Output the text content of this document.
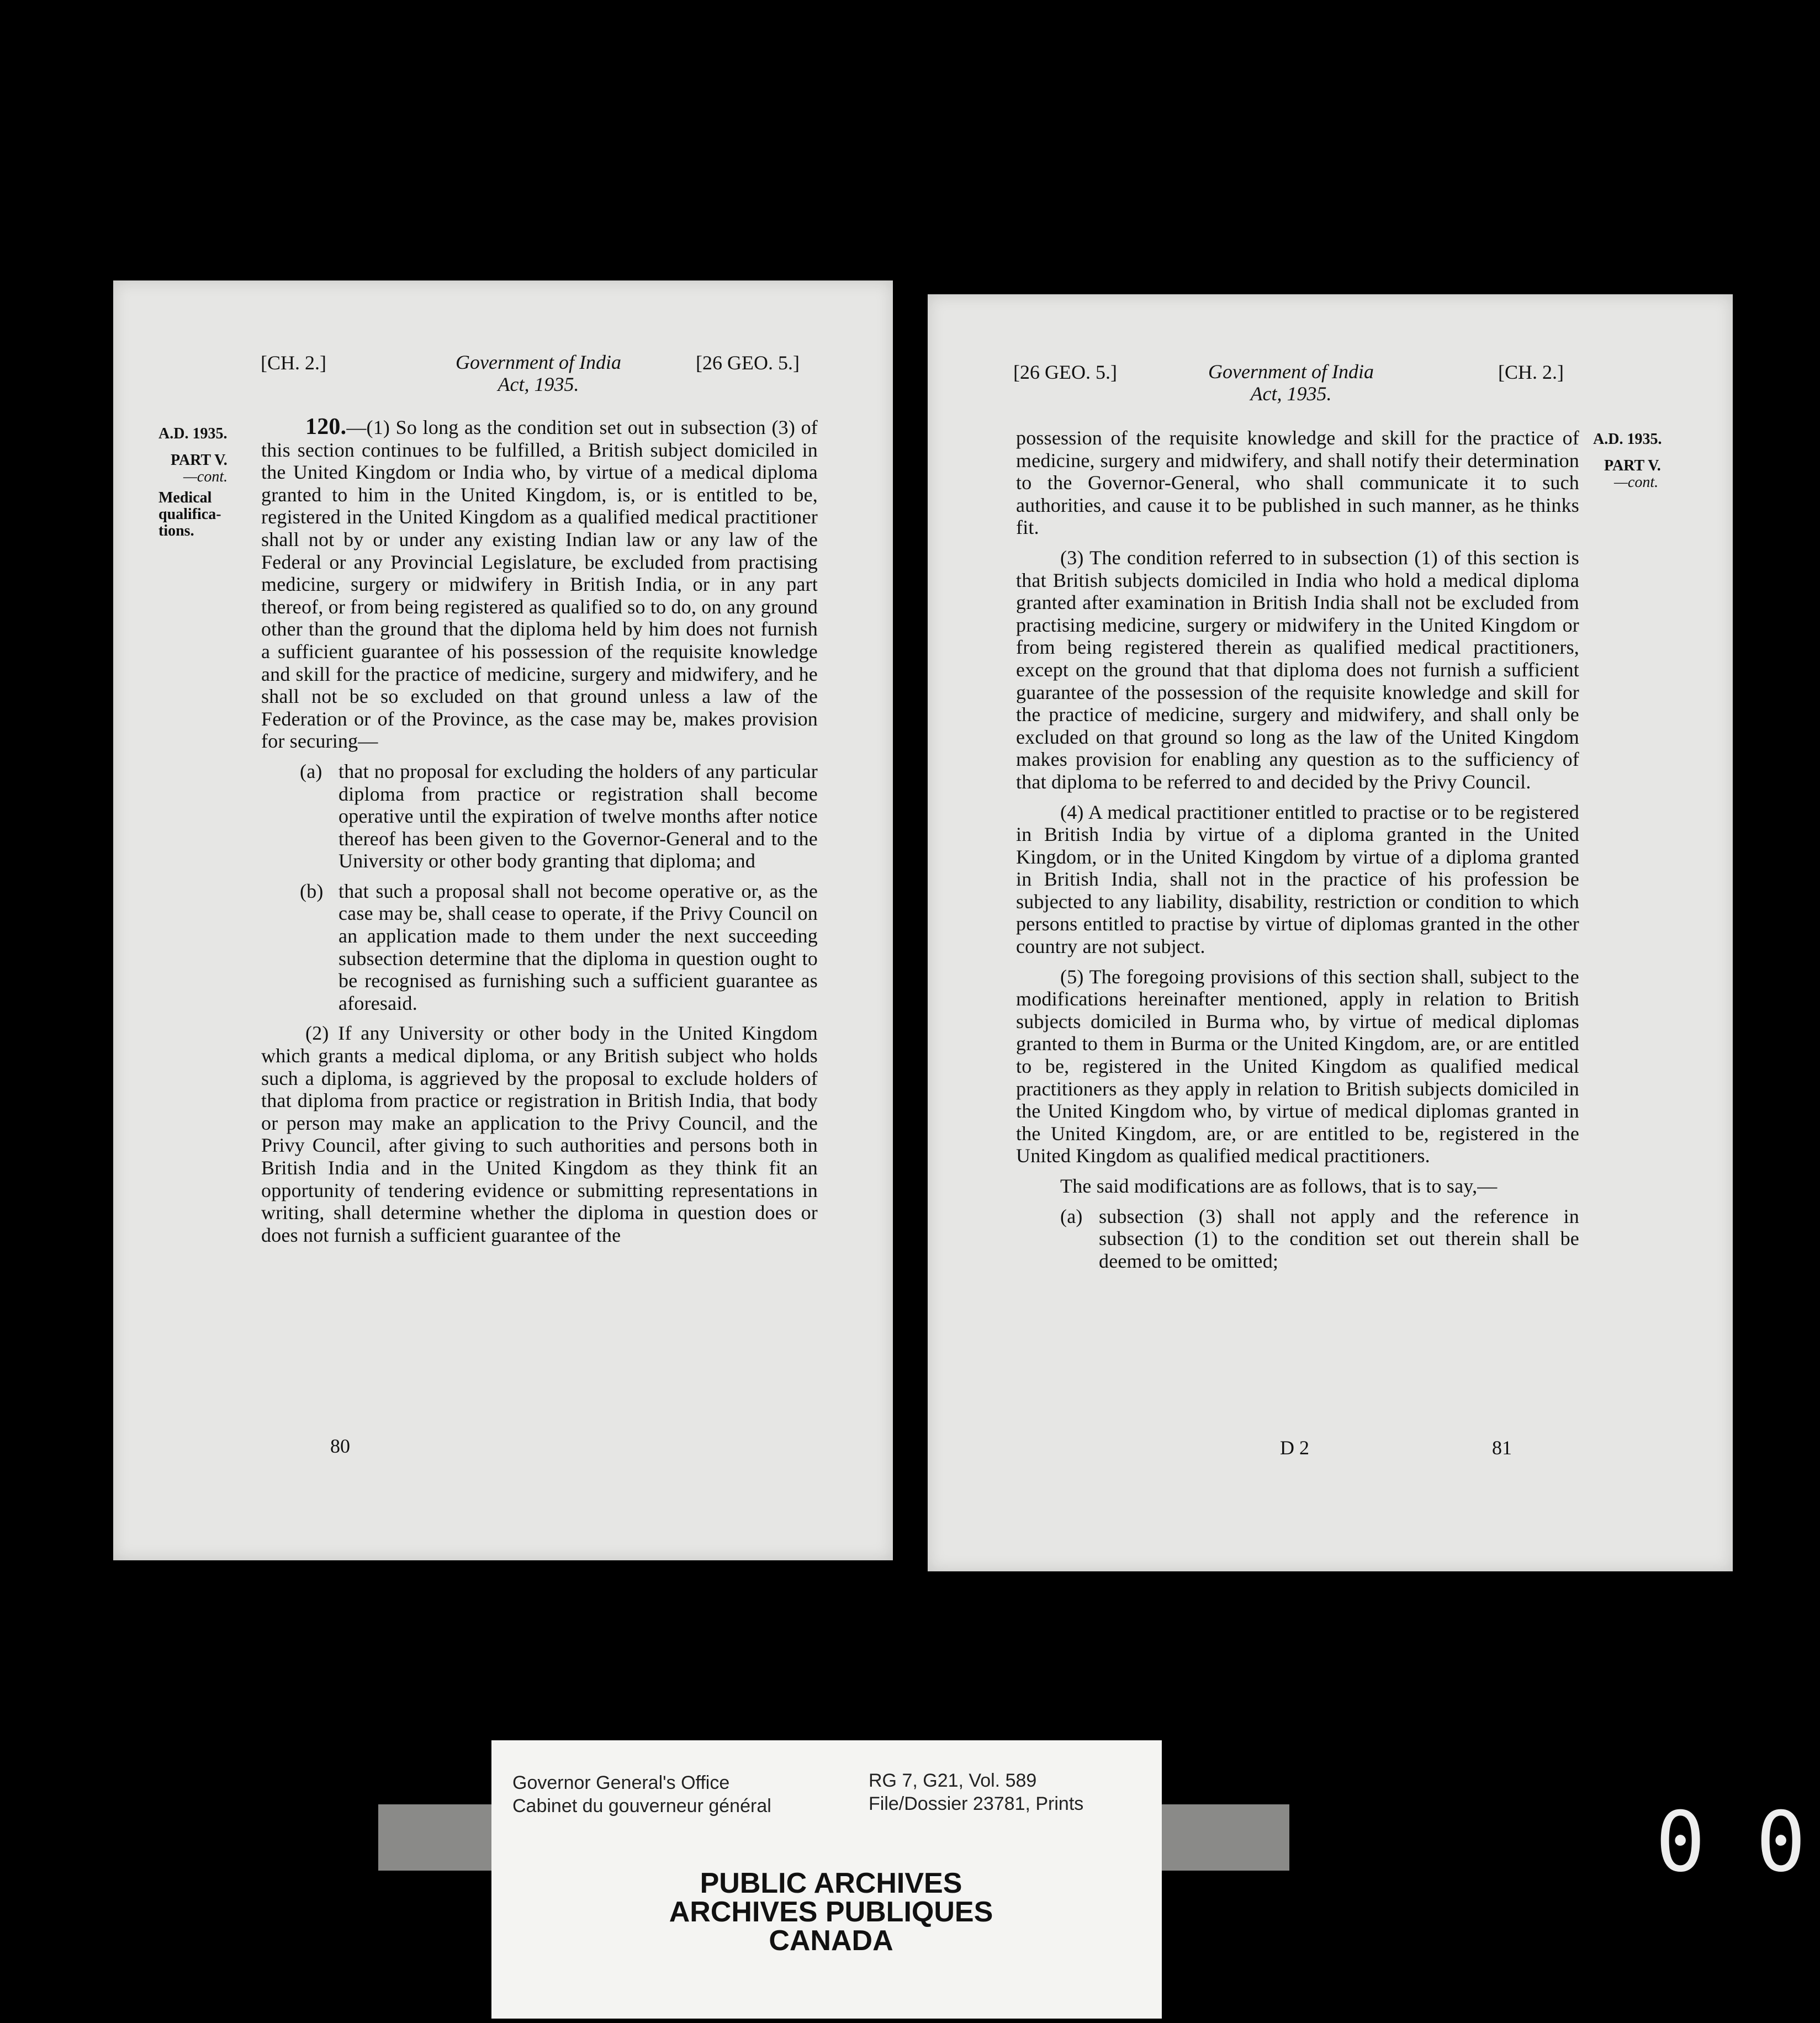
[CH. 2.]	Government of India
Act, 1935.
[26 GEO. 5.]
A.D. 1935.
PART V.
—cont.
Medical
qualifica-
tions.

120.—(1) So long as the condition set out in subsection (3) of this section continues to be fulfilled, a British subject domiciled in the United Kingdom or India who, by virtue of a medical diploma granted to him in the United Kingdom, is, or is entitled to be, registered in the United Kingdom as a qualified medical practitioner shall not by or under any existing Indian law or any law of the Federal or any Provincial Legislature, be excluded from practising medicine, surgery or midwifery in British India, or in any part thereof, or from being registered as qualified so to do, on any ground other than the ground that the diploma held by him does not furnish a sufficient guarantee of his possession of the requisite knowledge and skill for the practice of medicine, surgery and midwifery, and he shall not be so excluded on that ground unless a law of the Federation or of the Province, as the case may be, makes provision for securing—

(a) that no proposal for excluding the holders of any particular diploma from practice or registration shall become operative until the expiration of twelve months after notice thereof has been given to the Governor-General and to the University or other body granting that diploma; and
(b) that such a proposal shall not become operative or, as the case may be, shall cease to operate, if the Privy Council on an application made to them under the next succeeding subsection determine that the diploma in question ought to be recognised as furnishing such a sufficient guarantee as aforesaid.

(2) If any University or other body in the United Kingdom which grants a medical diploma, or any British subject who holds such a diploma, is aggrieved by the proposal to exclude holders of that diploma from practice or registration in British India, that body or person may make an application to the Privy Council, and the Privy Council, after giving to such authorities and persons both in British India and in the United Kingdom as they think fit an opportunity of tendering evidence or submitting representations in writing, shall determine whether the diploma in question does or does not furnish a sufficient guarantee of the

80
[26 GEO. 5.]	Government of India
Act, 1935.
[CH. 2.]
A.D. 1935.
PART V.
—cont.

possession of the requisite knowledge and skill for the practice of medicine, surgery and midwifery, and shall notify their determination to the Governor-General, who shall communicate it to such authorities, and cause it to be published in such manner, as he thinks fit.

(3) The condition referred to in subsection (1) of this section is that British subjects domiciled in India who hold a medical diploma granted after examination in British India shall not be excluded from practising medicine, surgery or midwifery in the United Kingdom or from being registered therein as qualified medical practitioners, except on the ground that that diploma does not furnish a sufficient guarantee of the possession of the requisite knowledge and skill for the practice of medicine, surgery and midwifery, and shall only be excluded on that ground so long as the law of the United Kingdom makes provision for enabling any question as to the sufficiency of that diploma to be referred to and decided by the Privy Council.

(4) A medical practitioner entitled to practise or to be registered in British India by virtue of a diploma granted in the United Kingdom, or in the United Kingdom by virtue of a diploma granted in British India, shall not in the practice of his profession be subjected to any liability, disability, restriction or condition to which persons entitled to practise by virtue of diplomas granted in the other country are not subject.

(5) The foregoing provisions of this section shall, subject to the modifications hereinafter mentioned, apply in relation to British subjects domiciled in Burma who, by virtue of medical diplomas granted to them in Burma or the United Kingdom, are, or are entitled to be, registered in the United Kingdom as qualified medical practitioners as they apply in relation to British subjects domiciled in the United Kingdom who, by virtue of medical diplomas granted in the United Kingdom, are, or are entitled to be, registered in the United Kingdom as qualified medical practitioners.

The said modifications are as follows, that is to say,—

(a) subsection (3) shall not apply and the reference in subsection (1) to the condition set out therein shall be deemed to be omitted;
D 2	81
Governor General's Office
Cabinet du gouverneur général
RG 7, G21, Vol. 589
File/Dossier 23781, Prints
PUBLIC ARCHIVES
ARCHIVES PUBLIQUES
CANADA
0 0
